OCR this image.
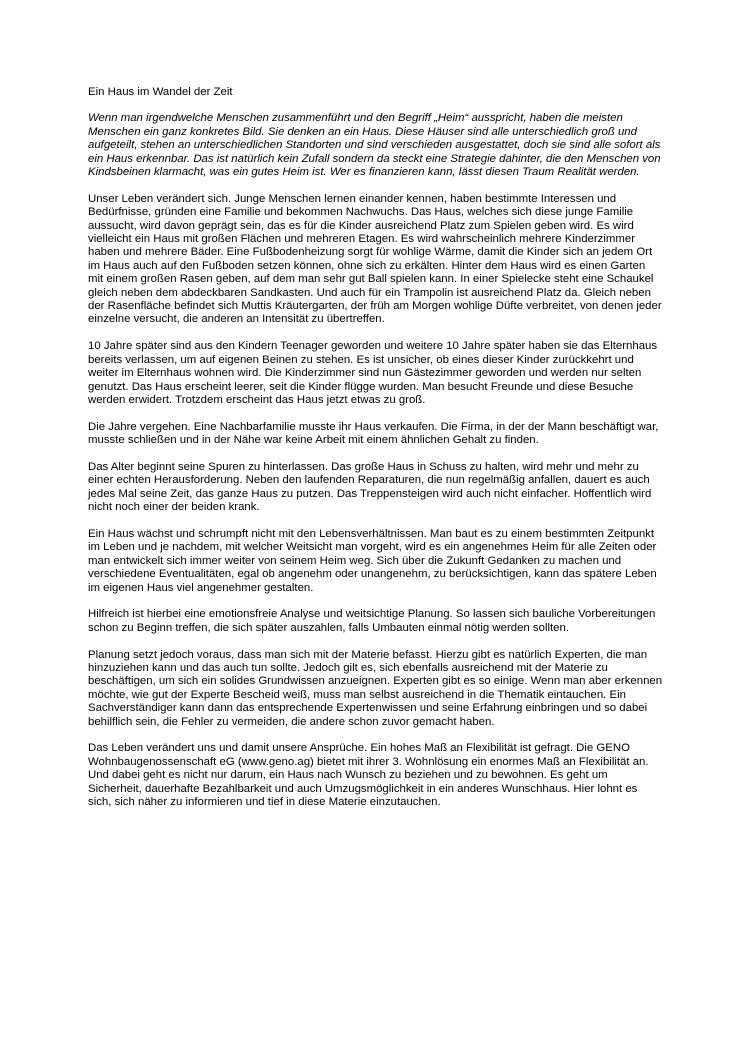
Ein Haus im Wandel der Zeit

Wenn man irgendwelche Menschen zusammenführt und den Begriff „Heim“ ausspricht, haben die meisten Menschen ein ganz konkretes Bild. Sie denken an ein Haus. Diese Häuser sind alle unterschiedlich groß und aufgeteilt, stehen an unterschiedlichen Standorten und sind verschieden ausgestattet, doch sie sind alle sofort als ein Haus erkennbar. Das ist natürlich kein Zufall sondern da steckt eine Strategie dahinter, die den Menschen von Kindsbeinen klarmacht, was ein gutes Heim ist. Wer es finanzieren kann, lässt diesen Traum Realität werden.

Unser Leben verändert sich. Junge Menschen lernen einander kennen, haben bestimmte Interessen und Bedürfnisse, gründen eine Familie und bekommen Nachwuchs. Das Haus, welches sich diese junge Familie aussucht, wird davon geprägt sein, das es für die Kinder ausreichend Platz zum Spielen geben wird. Es wird vielleicht ein Haus mit großen Flächen und mehreren Etagen. Es wird wahrscheinlich mehrere Kinderzimmer haben und mehrere Bäder. Eine Fußbodenheizung sorgt für wohlige Wärme, damit die Kinder sich an jedem Ort im Haus auch auf den Fußboden setzen können, ohne sich zu erkälten. Hinter dem Haus wird es einen Garten mit einem großen Rasen geben, auf dem man sehr gut Ball spielen kann. In einer Spielecke steht eine Schaukel gleich neben dem abdeckbaren Sandkasten. Und auch für ein Trampolin ist ausreichend Platz da. Gleich neben der Rasenfläche befindet sich Muttis Kräutergarten, der früh am Morgen wohlige Düfte verbreitet, von denen jeder einzelne versucht, die anderen an Intensität zu übertreffen.

10 Jahre später sind aus den Kindern Teenager geworden und weitere 10 Jahre später haben sie das Elternhaus bereits verlassen, um auf eigenen Beinen zu stehen. Es ist unsicher, ob eines dieser Kinder zurückkehrt und weiter im Elternhaus wohnen wird. Die Kinderzimmer sind nun Gästezimmer geworden und werden nur selten genutzt. Das Haus erscheint leerer, seit die Kinder flügge wurden. Man besucht Freunde und diese Besuche werden erwidert. Trotzdem erscheint das Haus jetzt etwas zu groß.

Die Jahre vergehen. Eine Nachbarfamilie musste ihr Haus verkaufen. Die Firma, in der der Mann beschäftigt war, musste schließen und in der Nähe war keine Arbeit mit einem ähnlichen Gehalt zu finden.

Das Alter beginnt seine Spuren zu hinterlassen. Das große Haus in Schuss zu halten, wird mehr und mehr zu einer echten Herausforderung. Neben den laufenden Reparaturen, die nun regelmäßig anfallen, dauert es auch jedes Mal seine Zeit, das ganze Haus zu putzen. Das Treppensteigen wird auch nicht einfacher. Hoffentlich wird nicht noch einer der beiden krank.

Ein Haus wächst und schrumpft nicht mit den Lebensverhältnissen. Man baut es zu einem bestimmten Zeitpunkt im Leben und je nachdem, mit welcher Weitsicht man vorgeht, wird es ein angenehmes Heim für alle Zeiten oder man entwickelt sich immer weiter von seinem Heim weg. Sich über die Zukunft Gedanken zu machen und verschiedene Eventualitäten, egal ob angenehm oder unangenehm, zu berücksichtigen, kann das spätere Leben im eigenen Haus viel angenehmer gestalten.

Hilfreich ist hierbei eine emotionsfreie Analyse und weitsichtige Planung. So lassen sich bauliche Vorbereitungen schon zu Beginn treffen, die sich später auszahlen, falls Umbauten einmal nötig werden sollten.

Planung setzt jedoch voraus, dass man sich mit der Materie befasst. Hierzu gibt es natürlich Experten, die man hinzuziehen kann und das auch tun sollte. Jedoch gilt es, sich ebenfalls ausreichend mit der Materie zu beschäftigen, um sich ein solides Grundwissen anzueignen. Experten gibt es so einige. Wenn man aber erkennen möchte, wie gut der Experte Bescheid weiß, muss man selbst ausreichend in die Thematik eintauchen. Ein Sachverständiger kann dann das entsprechende Expertenwissen und seine Erfahrung einbringen und so dabei behilflich sein, die Fehler zu vermeiden, die andere schon zuvor gemacht haben.

Das Leben verändert uns und damit unsere Ansprüche. Ein hohes Maß an Flexibilität ist gefragt. Die GENO Wohnbaugenossenschaft eG (www.geno.ag) bietet mit ihrer 3. Wohnlösung ein enormes Maß an Flexibilität an. Und dabei geht es nicht nur darum, ein Haus nach Wunsch zu beziehen und zu bewohnen. Es geht um Sicherheit, dauerhafte Bezahlbarkeit und auch Umzugsmöglichkeit in ein anderes Wunschhaus. Hier lohnt es sich, sich näher zu informieren und tief in diese Materie einzutauchen.
